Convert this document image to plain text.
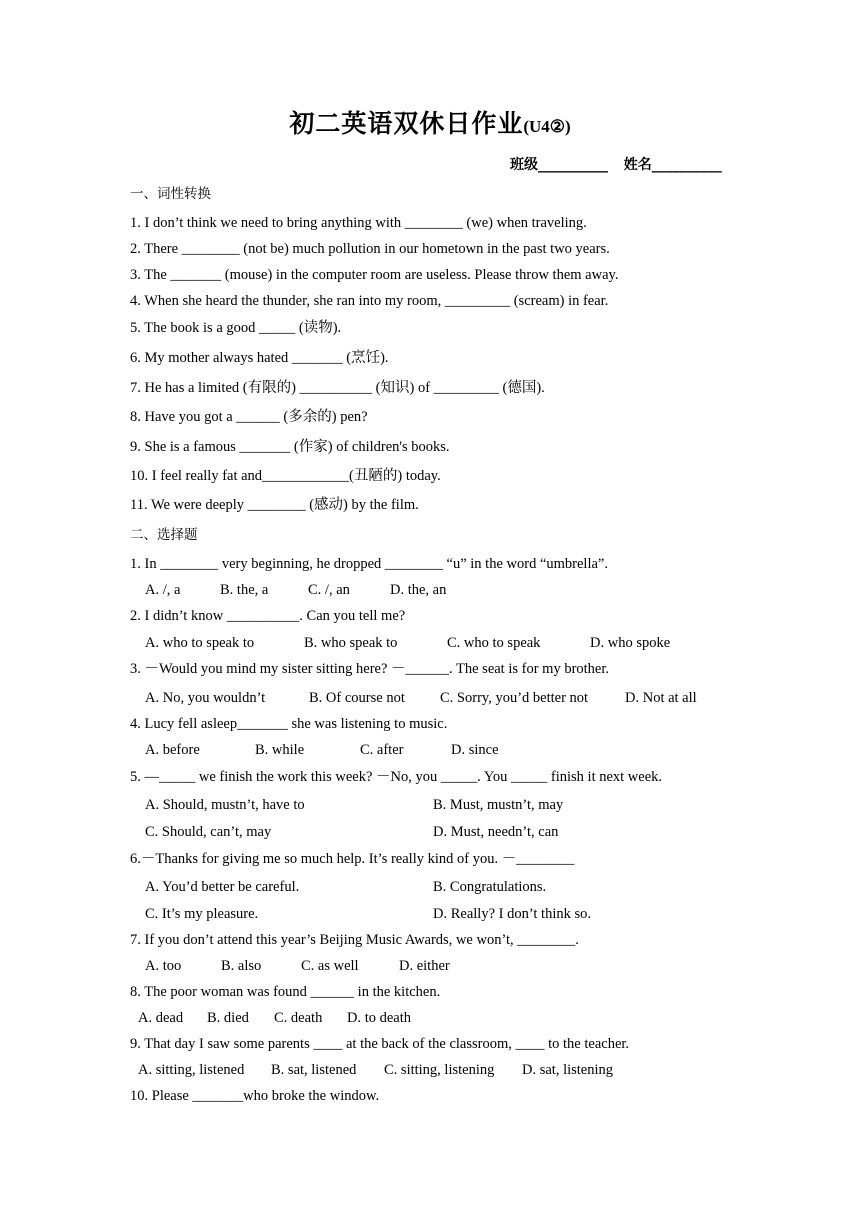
初二英语双休日作业(U4②)
班级__________ 姓名__________
一、词性转换
1. I don’t think we need to bring anything with ________ (we) when traveling.
2. There ________ (not be) much pollution in our hometown in the past two years.
3. The _______ (mouse) in the computer room are useless. Please throw them away.
4. When she heard the thunder, she ran into my room, _________ (scream) in fear.
5. The book is a good _____ (读物).
6. My mother always hated _______ (烹饪).
7. He has a limited (有限的) __________ (知识) of _________ (德国).
8. Have you got a ______ (多余的) pen?
9. She is a famous _______ (作家) of children's books.
10. I feel really fat and____________(丑陋的) today.
11. We were deeply ________ (感动) by the film.
二、选择题
1. In ________ very beginning, he dropped ________ “u” in the word “umbrella”.
A. /, a	B. the, a	C. /, an	D. the, an
2. I didn’t know __________. Can you tell me?
A. who to speak to	B. who speak to	C. who to speak	D. who spoke
3. －Would you mind my sister sitting here? －______. The seat is for my brother.
A. No, you wouldn’t	B. Of course not C. Sorry, you’d better not	D. Not at all
4. Lucy fell asleep_______ she was listening to music.
A. before	B. while	C. after	D. since
5. —_____ we finish the work this week? －No, you _____. You _____ finish it next week.
A. Should, mustn’t, have to	B. Must, mustn’t, may
C. Should, can’t, may	D. Must, needn’t, can
6.－Thanks for giving me so much help. It’s really kind of you. －________
A. You’d better be careful.	B. Congratulations.
C. It’s my pleasure.	D. Really? I don’t think so.
7. If you don’t attend this year’s Beijing Music Awards, we won’t, ________.
A. too	B. also	C. as well	D. either
8. The poor woman was found ______ in the kitchen.
A. dead B. died C. death D. to death
9. That day I saw some parents ____ at the back of the classroom, ____ to the teacher.
A. sitting, listened B. sat, listened C. sitting, listening D. sat, listening
10. Please _______who broke the window.
